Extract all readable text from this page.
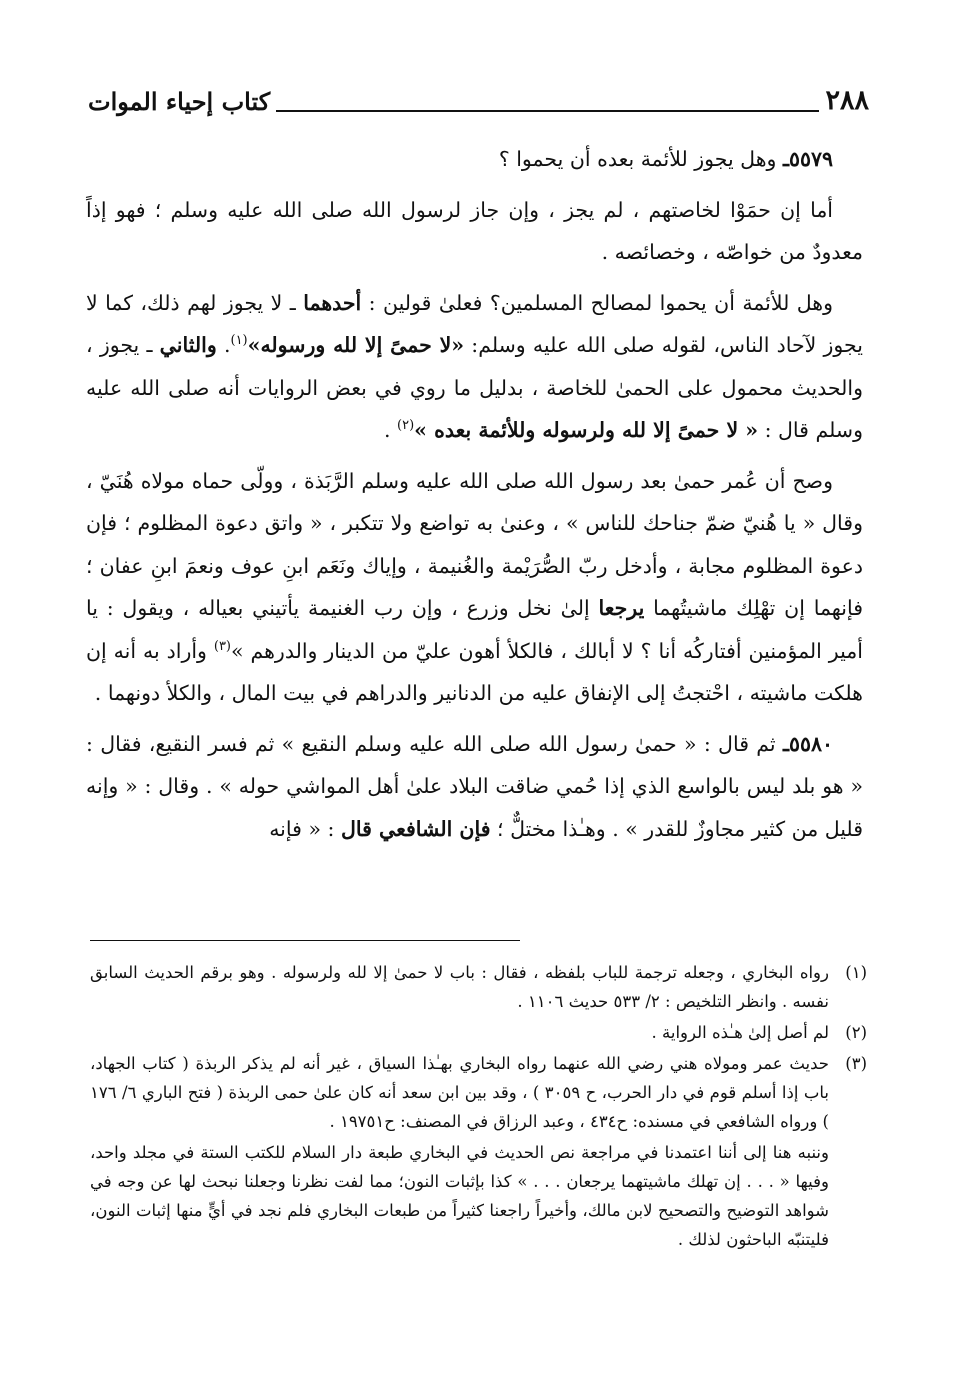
٢٨٨
كتاب إحياء الموات

٥٥٧٩ـ وهل يجوز للأئمة بعده أن يحموا ؟

أما إن حمَوْا لخاصتهم ، لم يجز ، وإن جاز لرسول الله صلى الله عليه وسلم ؛ فهو إذاً معدودٌ من خواصّه ، وخصائصه .

وهل للأئمة أن يحموا لمصالح المسلمين؟ فعلىٰ قولين : أحدهما ـ لا يجوز لهم ذلك، كما لا يجوز لآحاد الناس، لقوله صلى الله عليه وسلم: «لا حمىً إلا لله ورسوله»$^{(١)}$. والثاني ـ يجوز ، والحديث محمول على الحمىٰ للخاصة ، بدليل ما روي في بعض الروايات أنه صلى الله عليه وسلم قال : « لا حمىً إلا لله ولرسوله وللأئمة بعده »$^{(٢)}$ .

وصح أن عُمر حمىٰ بعد رسول الله صلى الله عليه وسلم الرَّبَذة ، وولّى حماه مولاه هُنَيّ ، وقال « يا هُنيّ ضمّ جناحك للناس » ، وعنىٰ به تواضع ولا تتكبر ، « واتق دعوة المظلوم ؛ فإن دعوة المظلوم مجابة ، وأدخل ربّ الصُّرَيْمة والغُنيمة ، وإياك ونَعَم ابنِ عوف ونعمَ ابنِ عفان ؛ فإنهما إن تهْلِك ماشيتُهما يرجعا إلىٰ نخل وزرع ، وإن رب الغنيمة يأتيني بعياله ، ويقول : يا أمير المؤمنين أفتاركُه أنا ؟ لا أبالك ، فالكلأ أهون عليّ من الدينار والدرهم »$^{(٣)}$ وأراد به أنه إن هلكت ماشيته ، احْتجتُ إلى الإنفاق عليه من الدنانير والدراهم في بيت المال ، والكلأ دونهما .

٥٥٨٠ـ ثم قال : « حمىٰ رسول الله صلى الله عليه وسلم النقيع » ثم فسر النقيع، فقال : « هو بلد ليس بالواسع الذي إذا حُمي ضاقت البلاد علىٰ أهل المواشي حوله » . وقال : « وإنه قليل من كثير مجاوزٌ للقدر » . وهـٰذا مختلٌّ ؛ فإن الشافعي قال : « فإنه

(١)
رواه البخاري ، وجعله ترجمة للباب بلفظه ، فقال : باب لا حمىٰ إلا لله ولرسوله . وهو برقم الحديث السابق نفسه . وانظر التلخيص : ٢/ ٥٣٣ حديث ١١٠٦ .
(٢)
لم أصل إلىٰ هـٰذه الرواية .
(٣)
حديث عمر ومولاه هني رضي الله عنهما رواه البخاري بهـٰذا السياق ، غير أنه لم يذكر الربذة ( كتاب الجهاد، باب إذا أسلم قوم في دار الحرب، ح ٣٠٥٩ ) ، وقد بين ابن سعد أنه كان علىٰ حمى الربذة ( فتح الباري ٦/ ١٧٦ ) ورواه الشافعي في مسنده: ح٤٣٤ ، وعبد الرزاق في المصنف: ح١٩٧٥١ .
وننبه هنا إلى أننا اعتمدنا في مراجعة نص الحديث في البخاري طبعة دار السلام للكتب الستة في مجلد واحد، وفيها « . . . إن تهلك ماشيتهما يرجعان . . . » كذا بإثبات النون؛ مما لفت نظرنا وجعلنا نبحث لها عن وجه في شواهد التوضيح والتصحيح لابن مالك، وأخيراً راجعنا كثيراً من طبعات البخاري فلم نجد في أيٍّ منها إثبات النون، فليتنبّه الباحثون لذلك .
